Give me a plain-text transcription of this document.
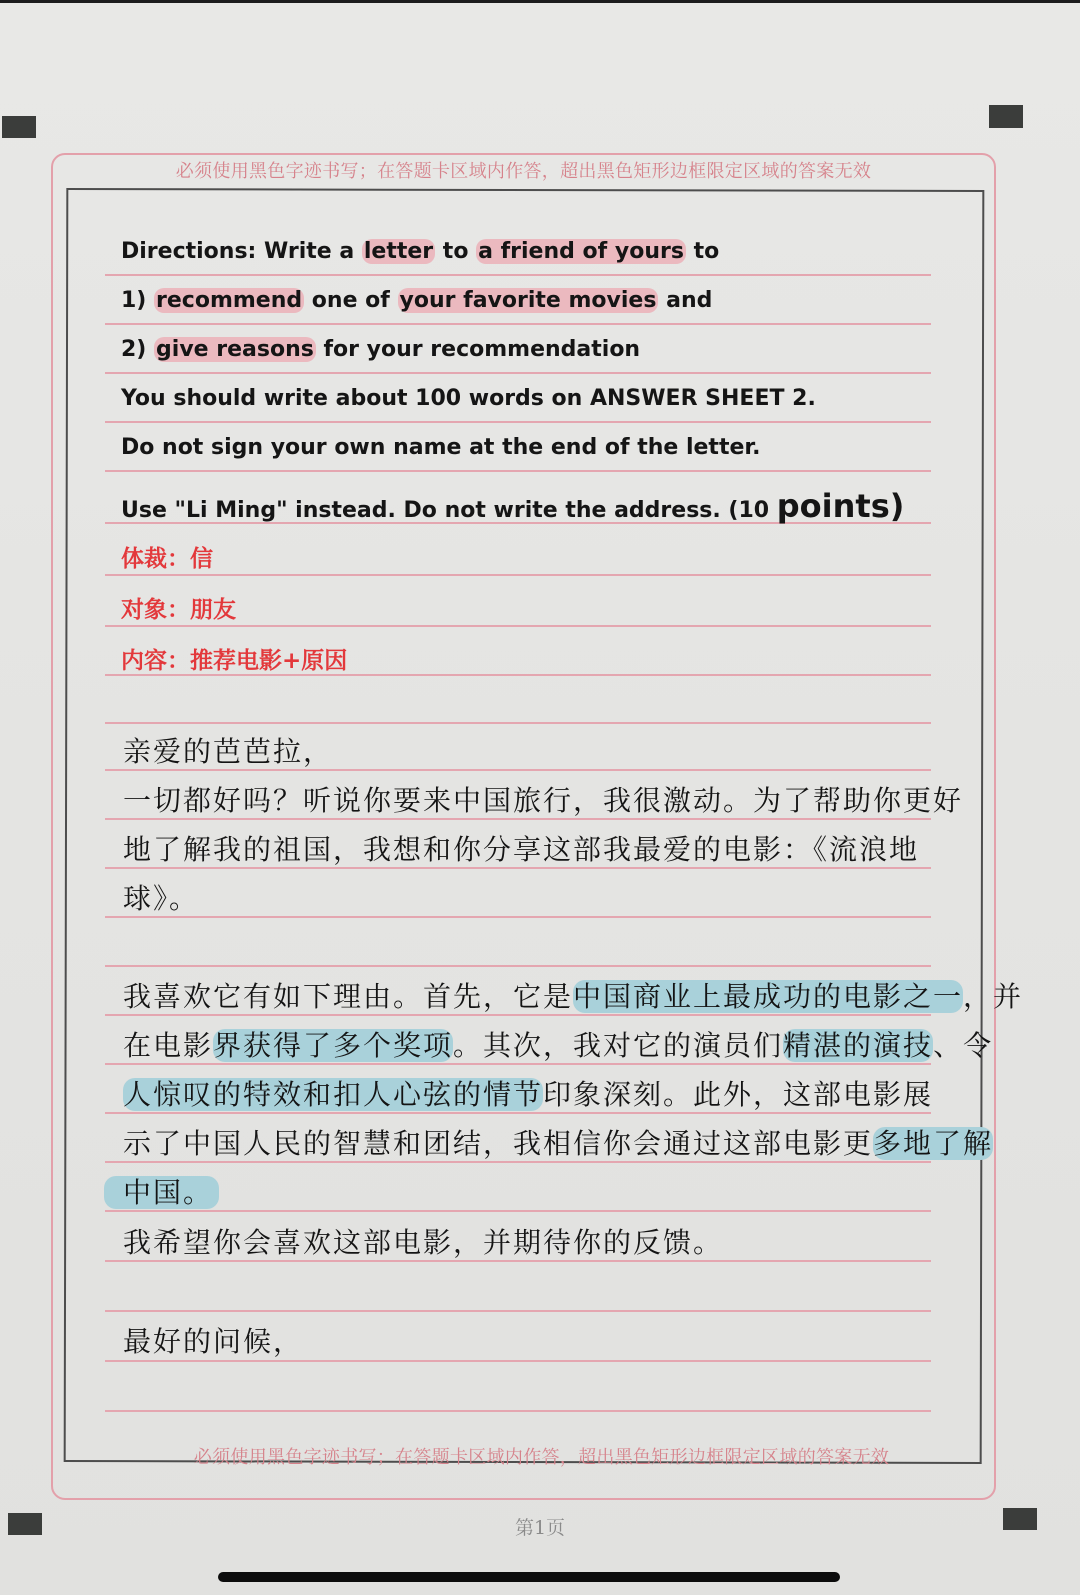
必须使用黑色字迹书写；在答题卡区域内作答，超出黑色矩形边框限定区域的答案无效
必须使用黑色字迹书写；在答题卡区域内作答，超出黑色矩形边框限定区域的答案无效
Directions: Write a letter to a friend of yours to
1) recommend one of your favorite movies and
2) give reasons for your recommendation
You should write about 100 words on ANSWER SHEET 2.
Do not sign your own name at the end of the letter.
Use "Li Ming" instead. Do not write the address. (10 points)
体裁：信
对象：朋友
内容：推荐电影+原因
亲爱的芭芭拉，
一切都好吗？听说你要来中国旅行，我很激动。为了帮助你更好
地了解我的祖国，我想和你分享这部我最爱的电影：《流浪地
球》。
我喜欢它有如下理由。首先，它是中国商业上最成功的电影之一，并
在电影界获得了多个奖项。其次，我对它的演员们精湛的演技、令
人惊叹的特效和扣人心弦的情节印象深刻。此外，这部电影展
示了中国人民的智慧和团结，我相信你会通过这部电影更多地了解
中国。
我希望你会喜欢这部电影，并期待你的反馈。
最好的问候，
第1页
